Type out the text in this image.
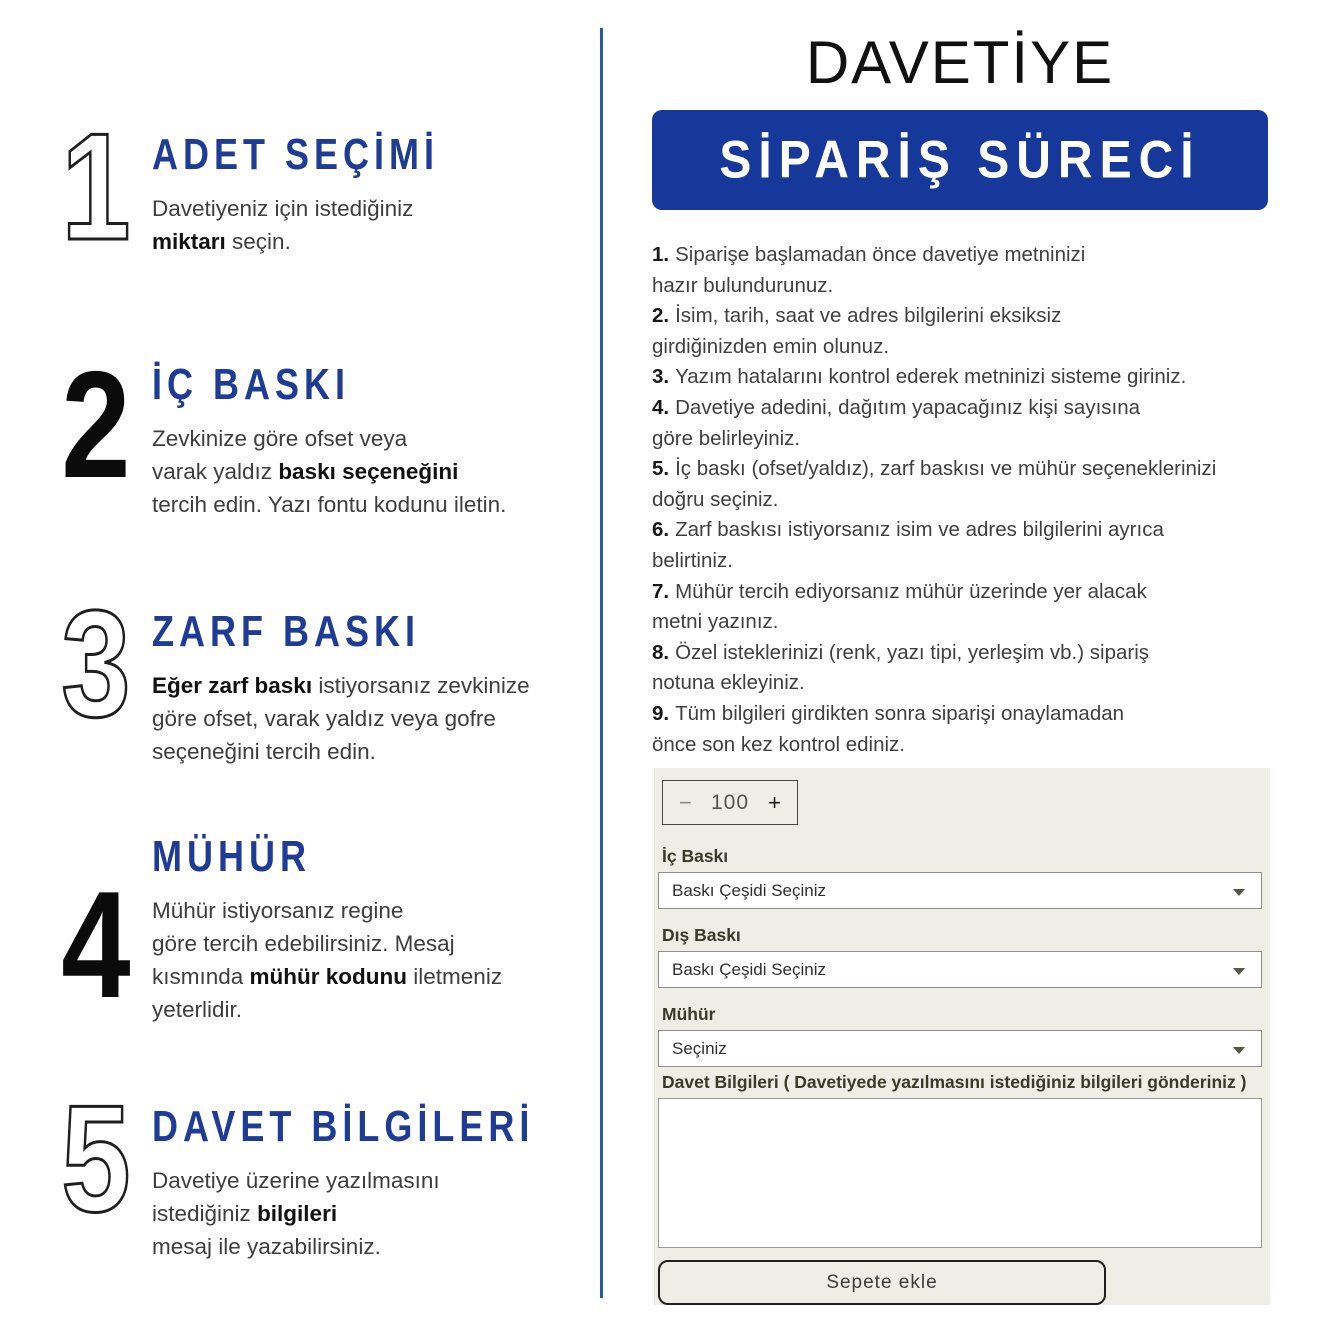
1 ADET SEÇİMİ
Davetiyeniz için istediğiniz
miktarı seçin.
2 İÇ BASKI
Zevkinize göre ofset veya
varak yaldız baskı seçeneğini
tercih edin. Yazı fontu kodunu iletin.
3 ZARF BASKI
Eğer zarf baskı istiyorsanız zevkinize
göre ofset, varak yaldız veya gofre
seçeneğini tercih edin.
4
MÜHÜR
Mühür istiyorsanız regine
göre tercih edebilirsiniz. Mesaj
kısmında mühür kodunu iletmeniz
yeterlidir.
5 DAVET BİLGİLERİ
Davetiye üzerine yazılmasını
istediğiniz bilgileri
mesaj ile yazabilirsiniz.
DAVETİYE
SİPARİŞ SÜRECİ
1. Siparişe başlamadan önce davetiye metninizi
hazır bulundurunuz.
2. İsim, tarih, saat ve adres bilgilerini eksiksiz
girdiğinizden emin olunuz.
3. Yazım hatalarını kontrol ederek metninizi sisteme giriniz.
4. Davetiye adedini, dağıtım yapacağınız kişi sayısına
göre belirleyiniz.
5. İç baskı (ofset/yaldız), zarf baskısı ve mühür seçeneklerinizi
doğru seçiniz.
6. Zarf baskısı istiyorsanız isim ve adres bilgilerini ayrıca
belirtiniz.
7. Mühür tercih ediyorsanız mühür üzerinde yer alacak
metni yazınız.
8. Özel isteklerinizi (renk, yazı tipi, yerleşim vb.) sipariş
notuna ekleyiniz.
9. Tüm bilgileri girdikten sonra siparişi onaylamadan
önce son kez kontrol ediniz.
− 100 +
İç Baskı
Baskı Çeşidi Seçiniz
Dış Baskı
Baskı Çeşidi Seçiniz
Mühür
Seçiniz
Davet Bilgileri ( Davetiyede yazılmasını istediğiniz bilgileri gönderiniz )
Sepete ekle
